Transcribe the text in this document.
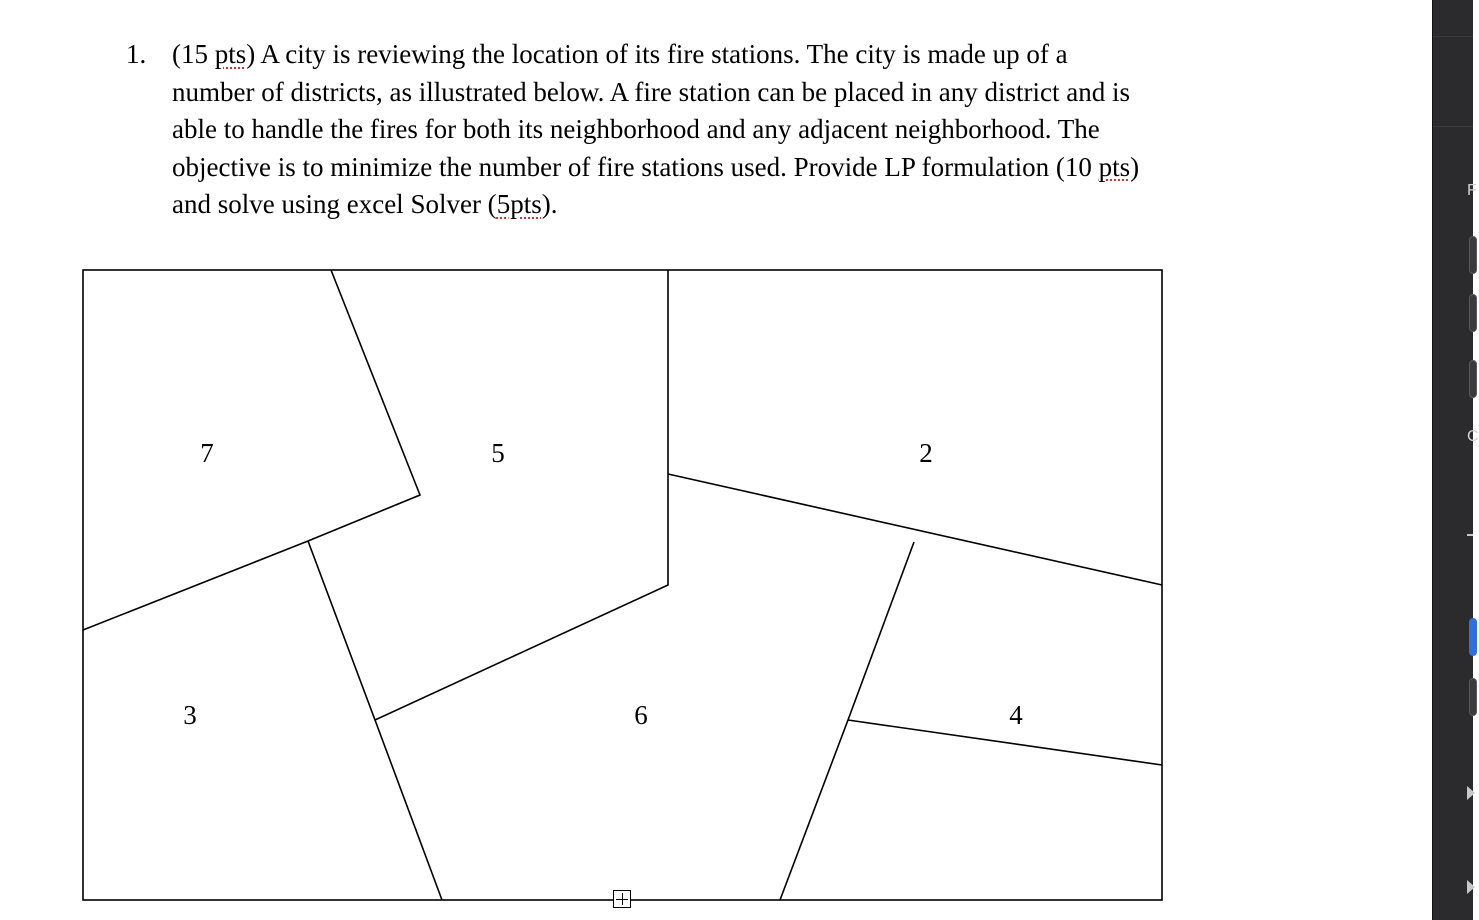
1. (15 pts) A city is reviewing the location of its fire stations. The city is made up of a
number of districts, as illustrated below. A fire station can be placed in any district and is
able to handle the fires for both its neighborhood and any adjacent neighborhood. The
objective is to minimize the number of fire stations used. Provide LP formulation (10 pts)
and solve using excel Solver (5pts).
7	5	2
3	6	4
F
C
